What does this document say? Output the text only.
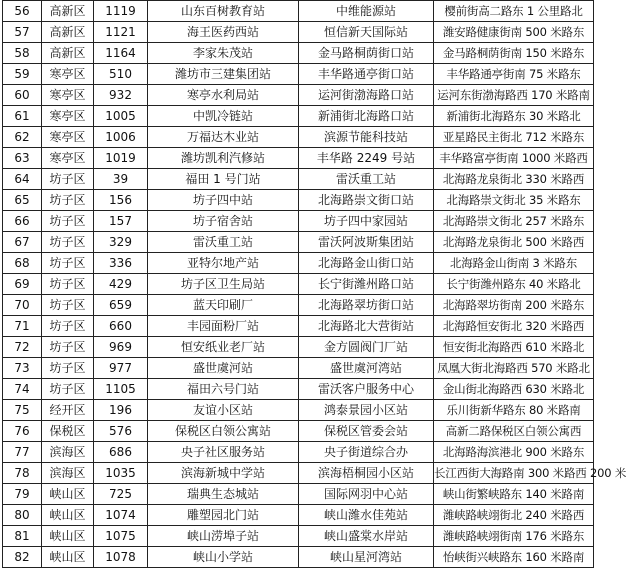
56	高新区	1119	山东百树教育站	中维能源站	樱前街高二路东 1 公里路北
57	高新区	1121	海王医药西站	恒信新天国际站	潍安路健康街南 500 米路东
58	高新区	1164	李家朱茂站	金马路桐荫街口站	金马路桐荫街南 150 米路东
59	寒亭区	510	潍坊市三建集团站	丰华路通亭街口站	丰华路通亭街南 75 米路东
60	寒亭区	932	寒亭水利局站	运河街渤海路口站	运河东街渤海路西 170 米路南
61	寒亭区	1005	中凯冷链站	新浦街北海路口站	新浦街北海路东 30 米路北
62	寒亭区	1006	万福达木业站	滨源节能科技站	亚星路民主街北 712 米路东
63	寒亭区	1019	潍坊凯利汽修站	丰华路 2249 号站	丰华路富亭街南 1000 米路西
64	坊子区	39	福田 1 号门站	雷沃重工站	北海路龙泉街北 330 米路西
65	坊子区	156	坊子四中站	北海路崇文街口站	北海路崇文街北 35 米路东
66	坊子区	157	坊子宿舍站	坊子四中家园站	北海路崇文街北 257 米路东
67	坊子区	329	雷沃重工站	雷沃阿波斯集团站	北海路龙泉街北 500 米路西
68	坊子区	336	亚特尔地产站	北海路金山街口站	北海路金山街南 3 米路东
69	坊子区	429	坊子区卫生局站	长宁街潍州路口站	长宁街潍州路东 40 米路北
70	坊子区	659	蓝天印刷厂	北海路翠坊街口站	北海路翠坊街南 200 米路东
71	坊子区	660	丰园面粉厂站	北海路北大营街站	北海路恒安街北 320 米路西
72	坊子区	969	恒安纸业老厂站	金方圆阀门厂站	恒安街北海路西 610 米路北
73	坊子区	977	盛世虞河站	盛世虞河湾站	凤凰大街北海路西 570 米路北
74	坊子区	1105	福田六号门站	雷沃客户服务中心	金山街北海路西 630 米路北
75	经开区	196	友谊小区站	鸿泰景园小区站	乐川街新华路东 80 米路南
76	保税区	576	保税区白领公寓站	保税区管委会站	高新二路保税区白领公寓西
77	滨海区	686	央子社区服务站	央子街道综合办	北海路海滨港北 900 米路东
78	滨海区	1035	滨海新城中学站	滨海梧桐园小区站	长江西街大海路南 300 米路西 200 米
79	峡山区	725	瑞典生态城站	国际网羽中心站	峡山街繁峡路东 140 米路南
80	峡山区	1074	雕塑园北门站	峡山潍水佳苑站	潍峡路峡翊街北 240 米路西
81	峡山区	1075	峡山涝埠子站	峡山盛棠水岸站	潍峡路峡翊街南 176 米路东
82	峡山区	1078	峡山小学站	峡山星河湾站	怡峡街兴峡路东 160 米路南
